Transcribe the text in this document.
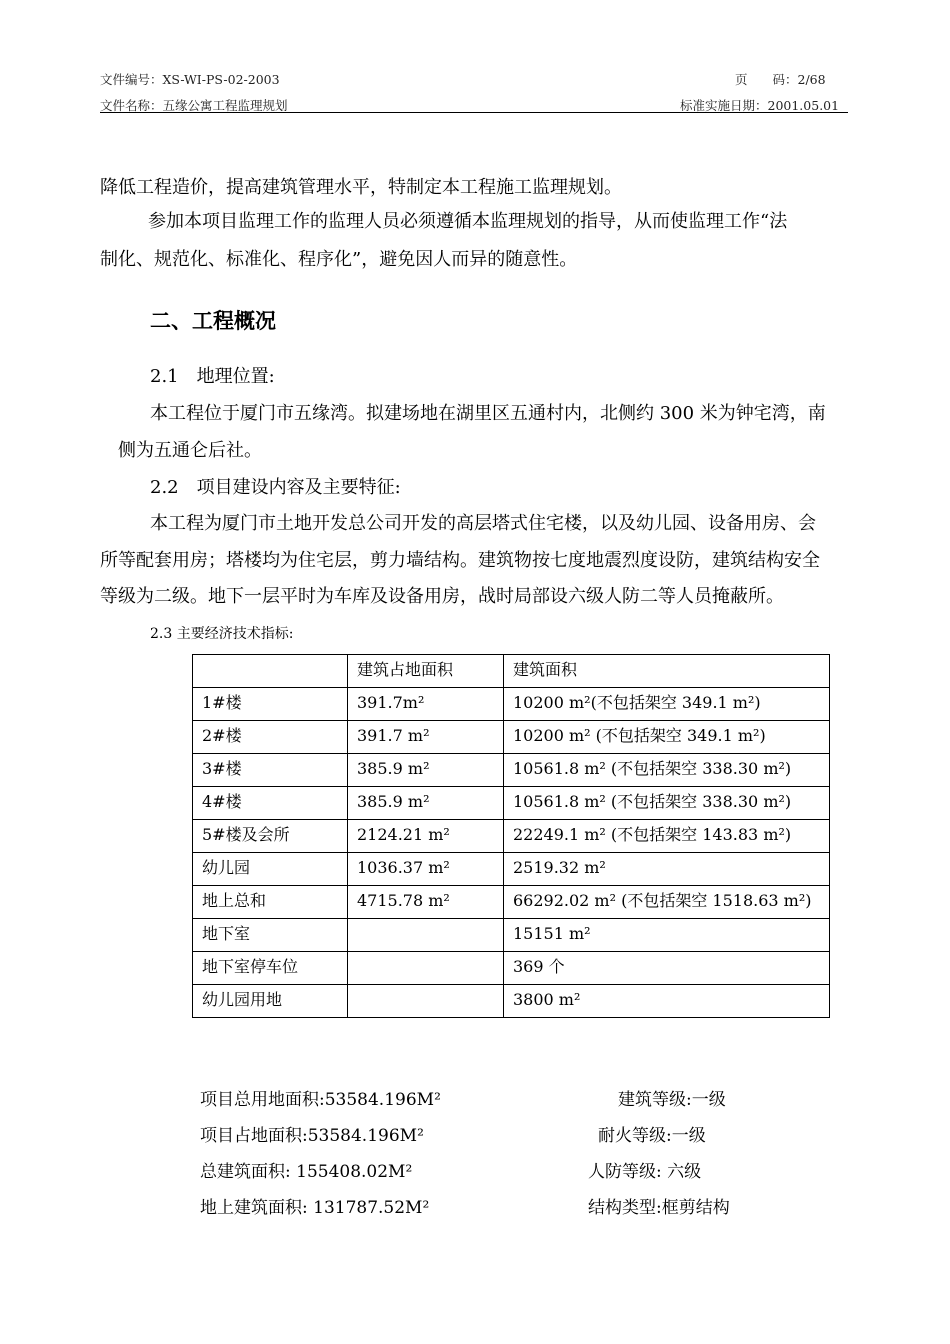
文件编号：XS-WI-PS-02-2003	页　　码：2/68
文件名称：五缘公寓工程监理规划	标准实施日期：2001.05.01
降低工程造价，提高建筑管理水平，特制定本工程施工监理规划。
参加本项目监理工作的监理人员必须遵循本监理规划的指导，从而使监理工作“法
制化、规范化、标准化、程序化”，避免因人而异的随意性。
二、工程概况
2.1　地理位置:
本工程位于厦门市五缘湾。拟建场地在湖里区五通村内，北侧约 300 米为钟宅湾，南
侧为五通仑后社。
2.2　项目建设内容及主要特征:
本工程为厦门市土地开发总公司开发的高层塔式住宅楼，以及幼儿园、设备用房、会
所等配套用房；塔楼均为住宅层，剪力墙结构。建筑物按七度地震烈度设防，建筑结构安全
等级为二级。地下一层平时为车库及设备用房，战时局部设六级人防二等人员掩蔽所。
2.3 主要经济技术指标:
	建筑占地面积	建筑面积
1#楼	391.7m²	10200 m²(不包括架空 349.1 m²)
2#楼	391.7 m²	10200 m² (不包括架空 349.1 m²)
3#楼	385.9 m²	10561.8 m² (不包括架空 338.30 m²)
4#楼	385.9 m²	10561.8 m² (不包括架空 338.30 m²)
5#楼及会所	2124.21 m²	22249.1 m² (不包括架空 143.83 m²)
幼儿园	1036.37 m²	2519.32 m²
地上总和	4715.78 m²	66292.02 m² (不包括架空 1518.63 m²)
地下室		15151 m²
地下室停车位		369 个
幼儿园用地		3800 m²
项目总用地面积:53584.196M²	建筑等级:一级
项目占地面积:53584.196M²	耐火等级:一级
总建筑面积: 155408.02M²	人防等级: 六级
地上建筑面积: 131787.52M²	结构类型:框剪结构
